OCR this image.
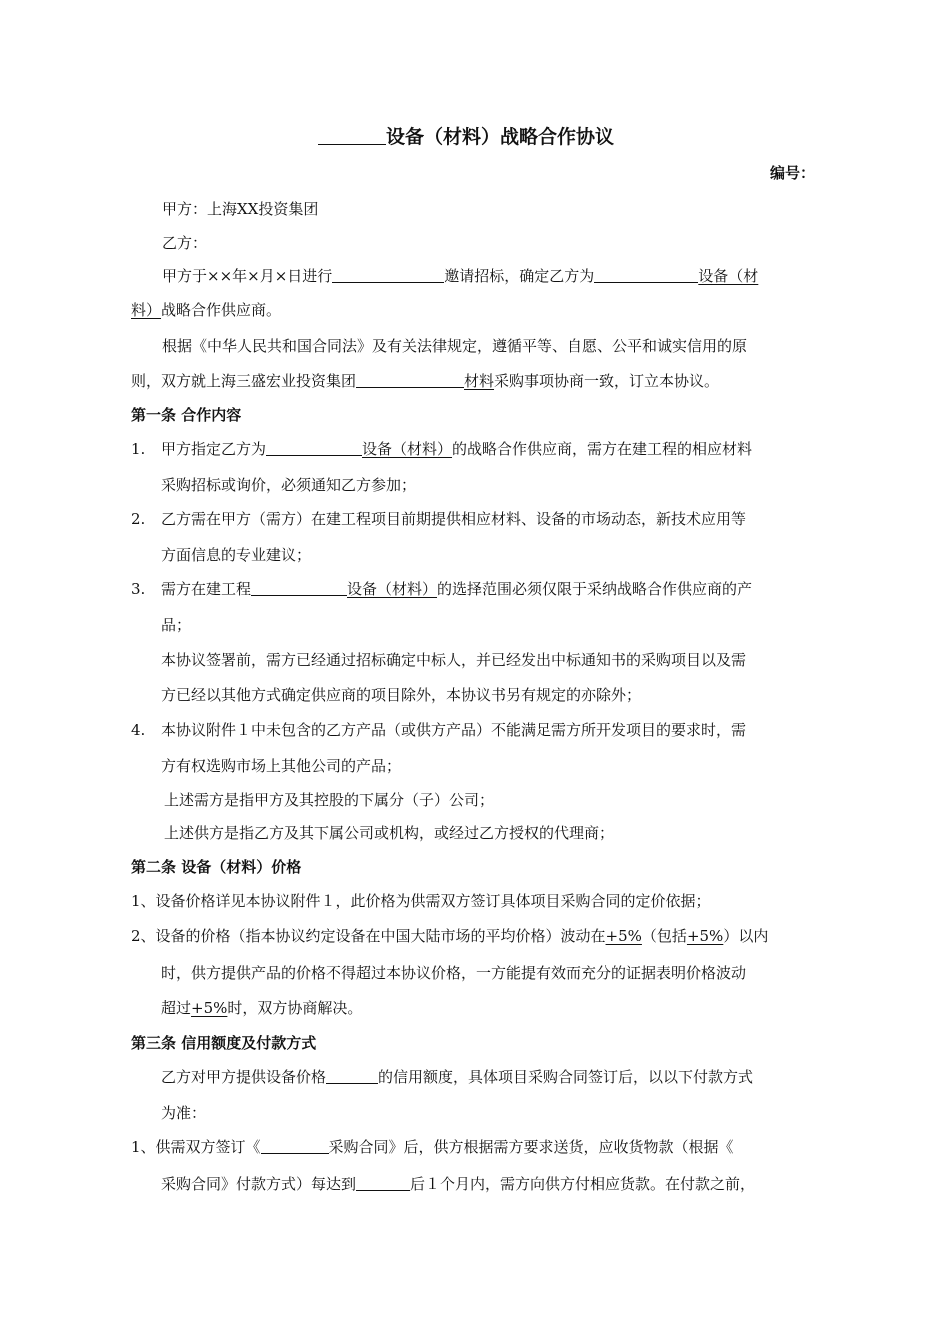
设备（材料）战略合作协议
编号：
甲方：上海XX投资集团
乙方：
甲方于××年×月×日进行	邀请招标，确定乙方为	设备（材
料）战略合作供应商。
根据《中华人民共和国合同法》及有关法律规定，遵循平等、自愿、公平和诚实信用的原
则，双方就上海三盛宏业投资集团	材料采购事项协商一致，订立本协议。
第一条 合作内容
1. 甲方指定乙方为	设备（材料）的战略合作供应商，需方在建工程的相应材料
采购招标或询价，必须通知乙方参加；
2. 乙方需在甲方（需方）在建工程项目前期提供相应材料、设备的市场动态，新技术应用等
方面信息的专业建议；
3. 需方在建工程	设备（材料）的选择范围必须仅限于采纳战略合作供应商的产
品；
本协议签署前，需方已经通过招标确定中标人，并已经发出中标通知书的采购项目以及需
方已经以其他方式确定供应商的项目除外，本协议书另有规定的亦除外；
4. 本协议附件１中未包含的乙方产品（或供方产品）不能满足需方所开发项目的要求时，需
方有权选购市场上其他公司的产品；
上述需方是指甲方及其控股的下属分（子）公司；
上述供方是指乙方及其下属公司或机构，或经过乙方授权的代理商；
第二条 设备（材料）价格
1、设备价格详见本协议附件１，此价格为供需双方签订具体项目采购合同的定价依据；
2、设备的价格（指本协议约定设备在中国大陆市场的平均价格）波动在+5%（包括+5%）以内
时，供方提供产品的价格不得超过本协议价格，一方能提有效而充分的证据表明价格波动
超过+5%时，双方协商解决。
第三条 信用额度及付款方式
乙方对甲方提供设备价格	的信用额度，具体项目采购合同签订后，以以下付款方式
为准：
1、供需双方签订《	采购合同》后，供方根据需方要求送货，应收货物款（根据《
采购合同》付款方式）每达到	后１个月内，需方向供方付相应货款。在付款之前，
